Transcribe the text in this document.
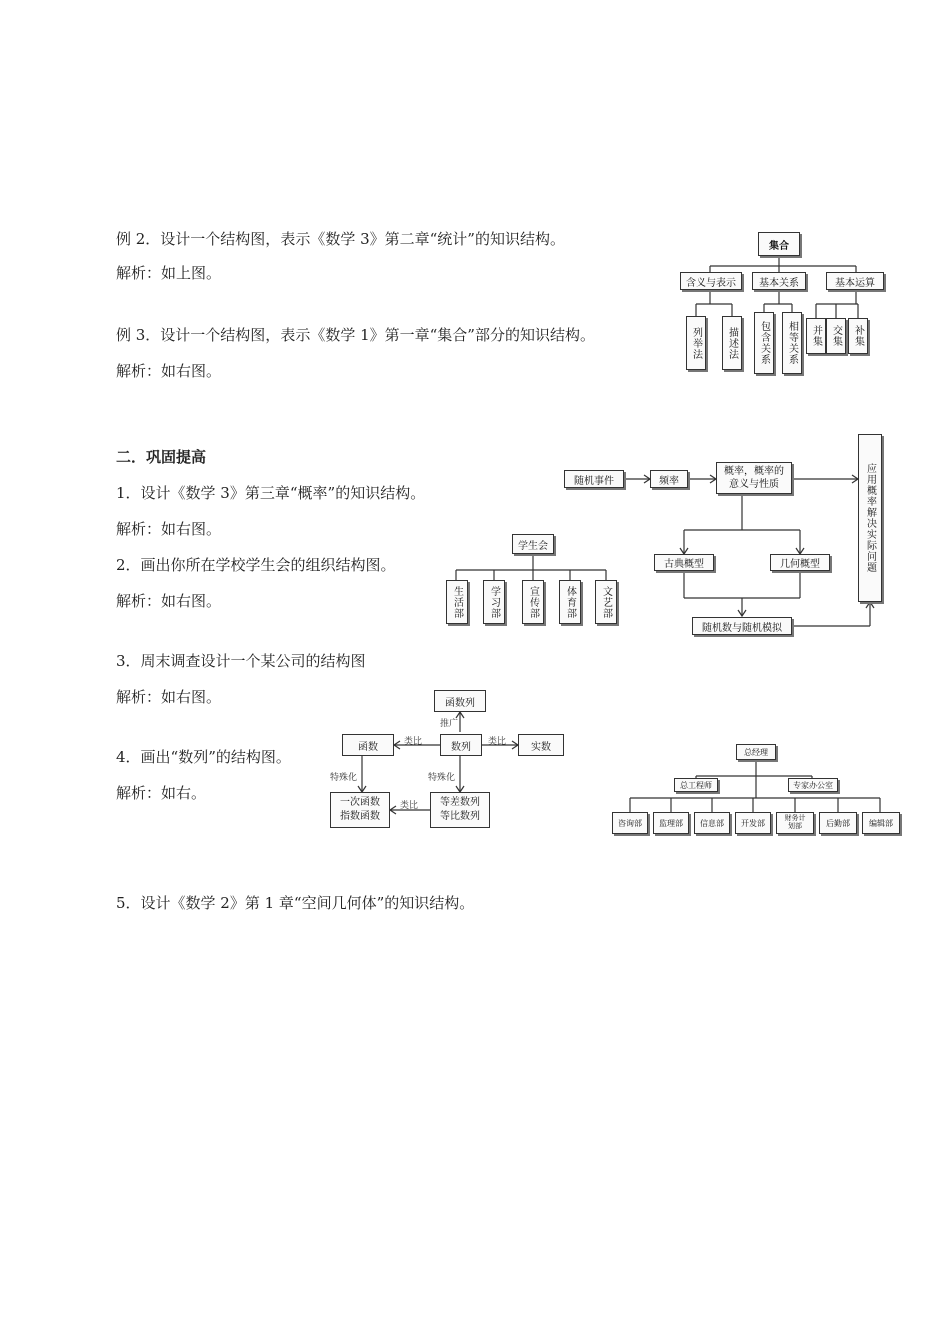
例 2．设计一个结构图，表示《数学 3》第二章“统计”的知识结构。
解析：如上图。
例 3．设计一个结构图，表示《数学 1》第一章“集合”部分的知识结构。
解析：如右图。
二．巩固提高
1．设计《数学 3》第三章“概率”的知识结构。
解析：如右图。
2．画出你所在学校学生会的组织结构图。
解析：如右图。
3．周末调查设计一个某公司的结构图
解析：如右图。
4．画出“数列”的结构图。
解析：如右。
5．设计《数学 2》第 1 章“空间几何体”的知识结构。
集合
含义与表示	基本关系	基本运算
列举法	描述法	包含关系	相等关系	并集 交集	补集
随机事件	频率
概率，概率的意义与性质	应用概率解决实际问题
古典概型	几何概型
随机数与随机模拟
学生会
生活部	学习部	宣传部	体育部	文艺部
函数列
数列
函数	实数
等差数列
等比数列
一次函数
指数函数
推广
类比	类比
特殊化
特殊化
类比
总经理
总工程师	专家办公室
咨询部	监理部	信息部	开发部
财务计划部	后勤部	编辑部
